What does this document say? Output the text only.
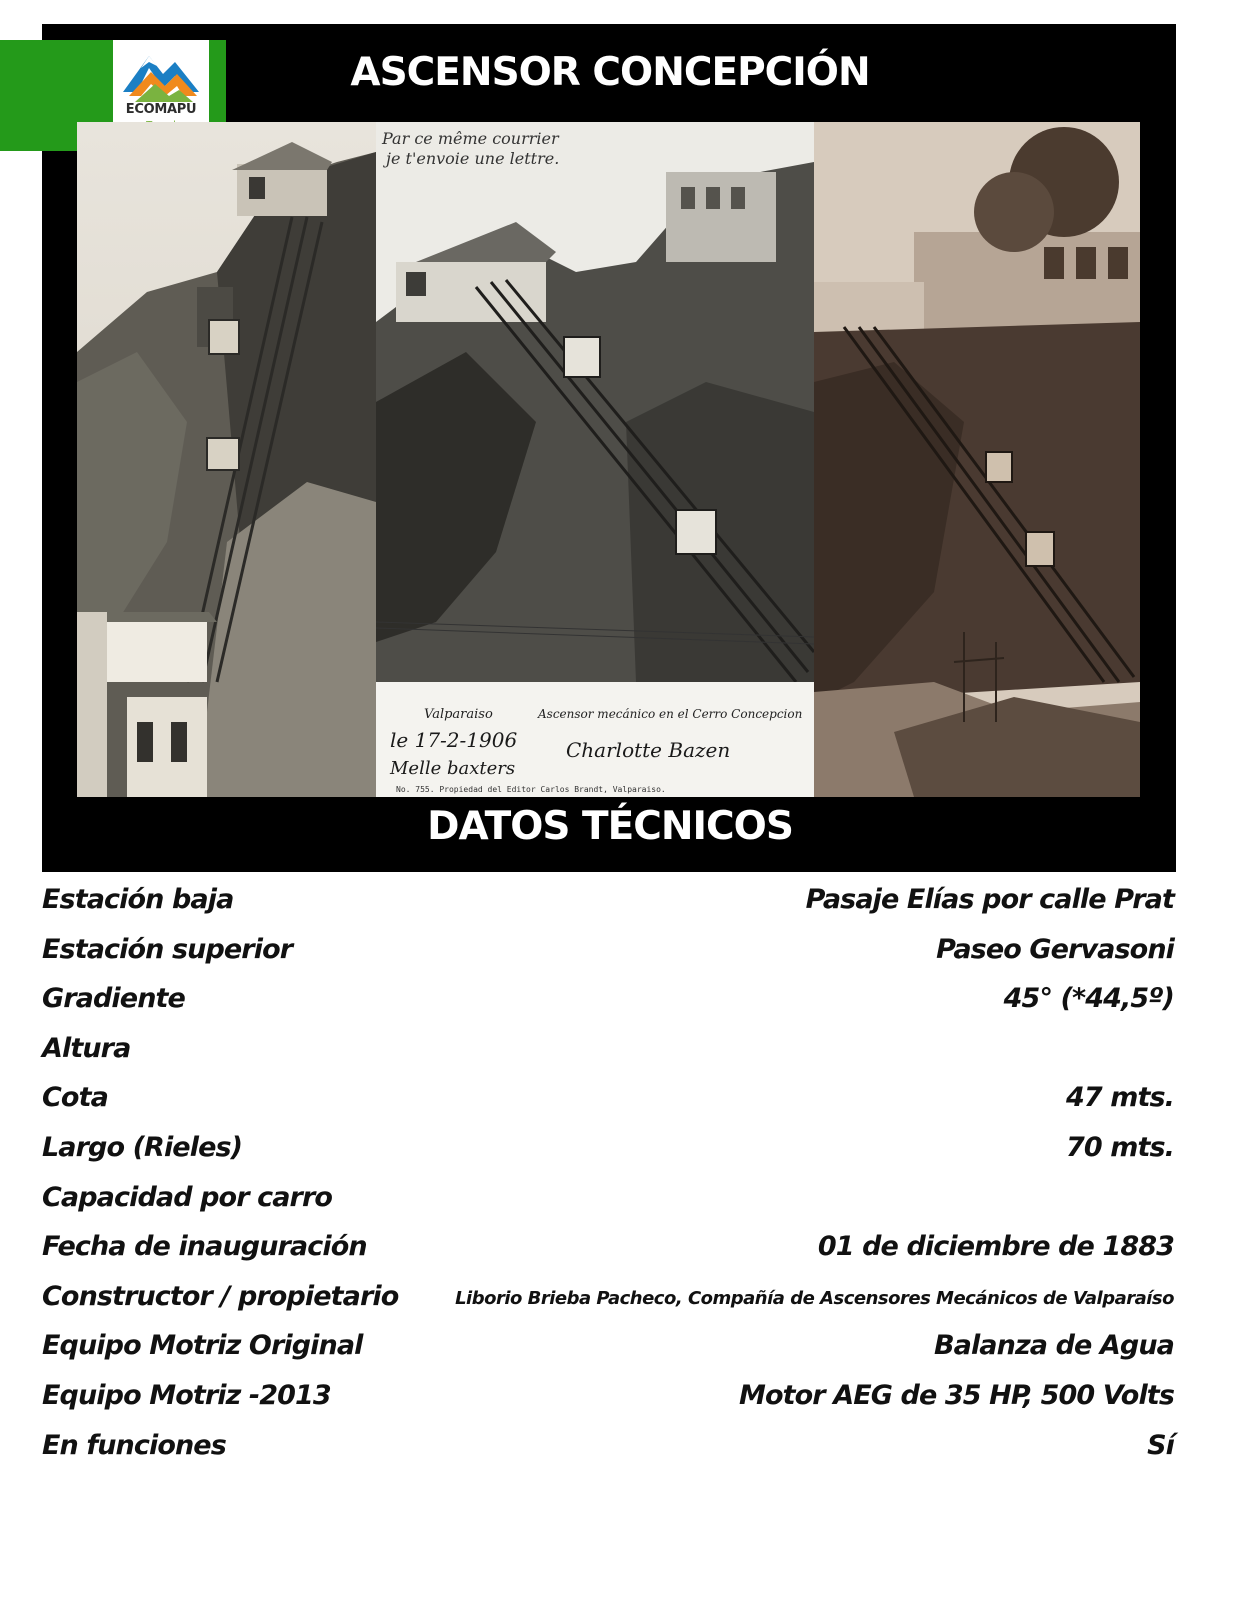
ECOMAPU
ASCENSOR CONCEPCIÓN
Par ce même courrier
je t'envoie une lettre.
Valparaiso	Ascensor mecánico en el Cerro Concepcion
le 17-2-1906 Charlotte Bazen
Melle baxters
No. 755. Propiedad del Editor Carlos Brandt, Valparaiso.
DATOS TÉCNICOS
Estación baja	Pasaje Elías por calle Prat
Estación superior	Paseo Gervasoni
Gradiente	45° (*44,5º)
Altura
Cota	47 mts.
Largo (Rieles)	70 mts.
Capacidad por carro
Fecha de inauguración	01 de diciembre de 1883
Constructor / propietario	Liborio Brieba Pacheco, Compañía de Ascensores Mecánicos de Valparaíso
Equipo Motriz Original	Balanza de Agua
Equipo Motriz -2013	Motor AEG de 35 HP, 500 Volts
En funciones	Sí
